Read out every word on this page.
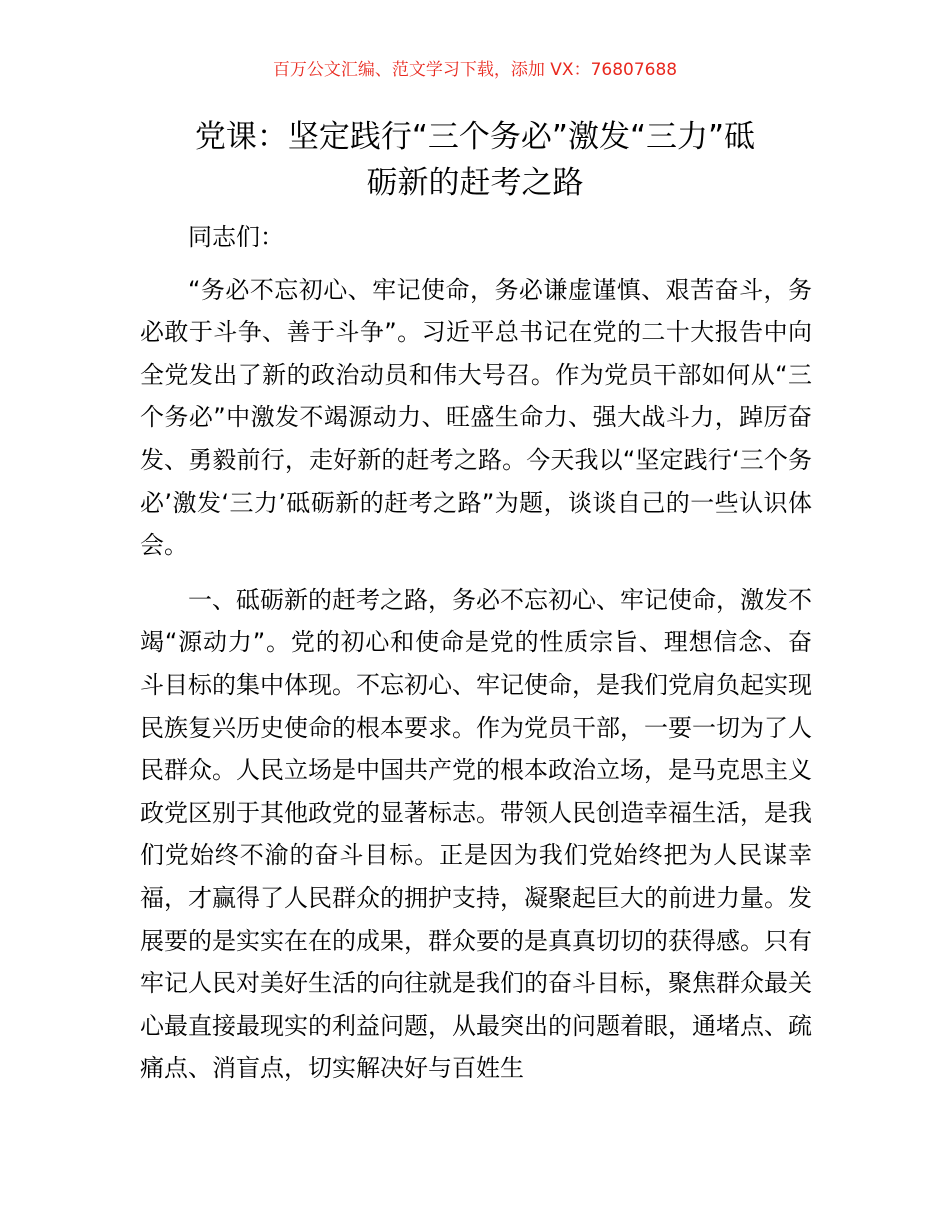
百万公文汇编、范文学习下载，添加 VX：76807688
党课：坚定践行“三个务必”激发“三力”砥
砺新的赶考之路

同志们：

“务必不忘初心、牢记使命，务必谦虚谨慎、艰苦奋斗，务必敢于斗争、善于斗争”。习近平总书记在党的二十大报告中向全党发出了新的政治动员和伟大号召。作为党员干部如何从“三个务必”中激发不竭源动力、旺盛生命力、强大战斗力，踔厉奋发、勇毅前行，走好新的赶考之路。今天我以“坚定践行‘三个务必’激发‘三力’砥砺新的赶考之路”为题，谈谈自己的一些认识体会。

一、砥砺新的赶考之路，务必不忘初心、牢记使命，激发不竭“源动力”。党的初心和使命是党的性质宗旨、理想信念、奋斗目标的集中体现。不忘初心、牢记使命，是我们党肩负起实现民族复兴历史使命的根本要求。作为党员干部，一要一切为了人民群众。人民立场是中国共产党的根本政治立场，是马克思主义政党区别于其他政党的显著标志。带领人民创造幸福生活，是我们党始终不渝的奋斗目标。正是因为我们党始终把为人民谋幸福，才赢得了人民群众的拥护支持，凝聚起巨大的前进力量。发展要的是实实在在的成果，群众要的是真真切切的获得感。只有牢记人民对美好生活的向往就是我们的奋斗目标，聚焦群众最关心最直接最现实的利益问题，从最突出的问题着眼，通堵点、疏痛点、消盲点，切实解决好与百姓生
